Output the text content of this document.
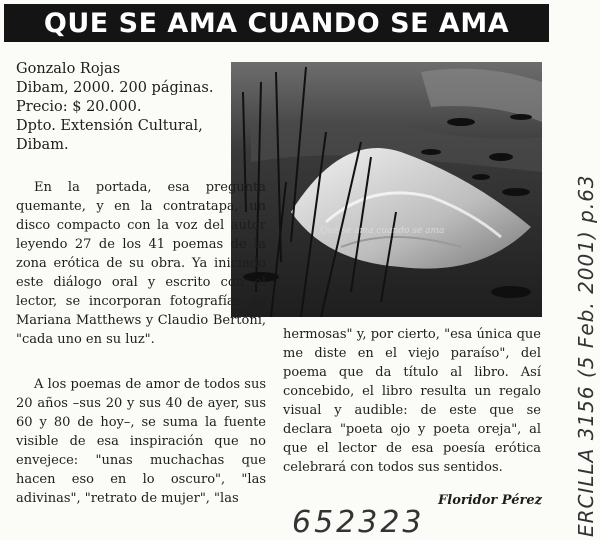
QUE SE AMA CUANDO SE AMA
Gonzalo Rojas
Dibam, 2000. 200 páginas.
Precio: $ 20.000.
Dpto. Extensión Cultural,
Dibam.
Qué se ama cuando se ama

En la portada, esa pregunta quemante, y en la contratapa, un disco compacto con la voz del autor leyendo 27 de los 41 poemas de la zona erótica de su obra. Ya iniciado este diálogo oral y escrito con el lector, se incorporan fotografías de Mariana Matthews y Claudio Bertoni, "cada uno en su luz".

A los poemas de amor de todos sus 20 años –sus 20 y sus 40 de ayer, sus 60 y 80 de hoy–, se suma la fuente visible de esa inspiración que no envejece: "unas muchachas que hacen eso en lo oscuro", "las adivinas", "retrato de mujer", "las

hermosas" y, por cierto, "esa única que me diste en el viejo paraíso", del poema que da título al libro. Así concebido, el libro resulta un regalo visual y audible: de este que se declara "poeta ojo y poeta oreja", al que el lector de esa poesía erótica celebrará con todos sus sentidos.

Floridor Pérez
652323	ERCILLA 3156 (5 Feb. 2001) p.63
